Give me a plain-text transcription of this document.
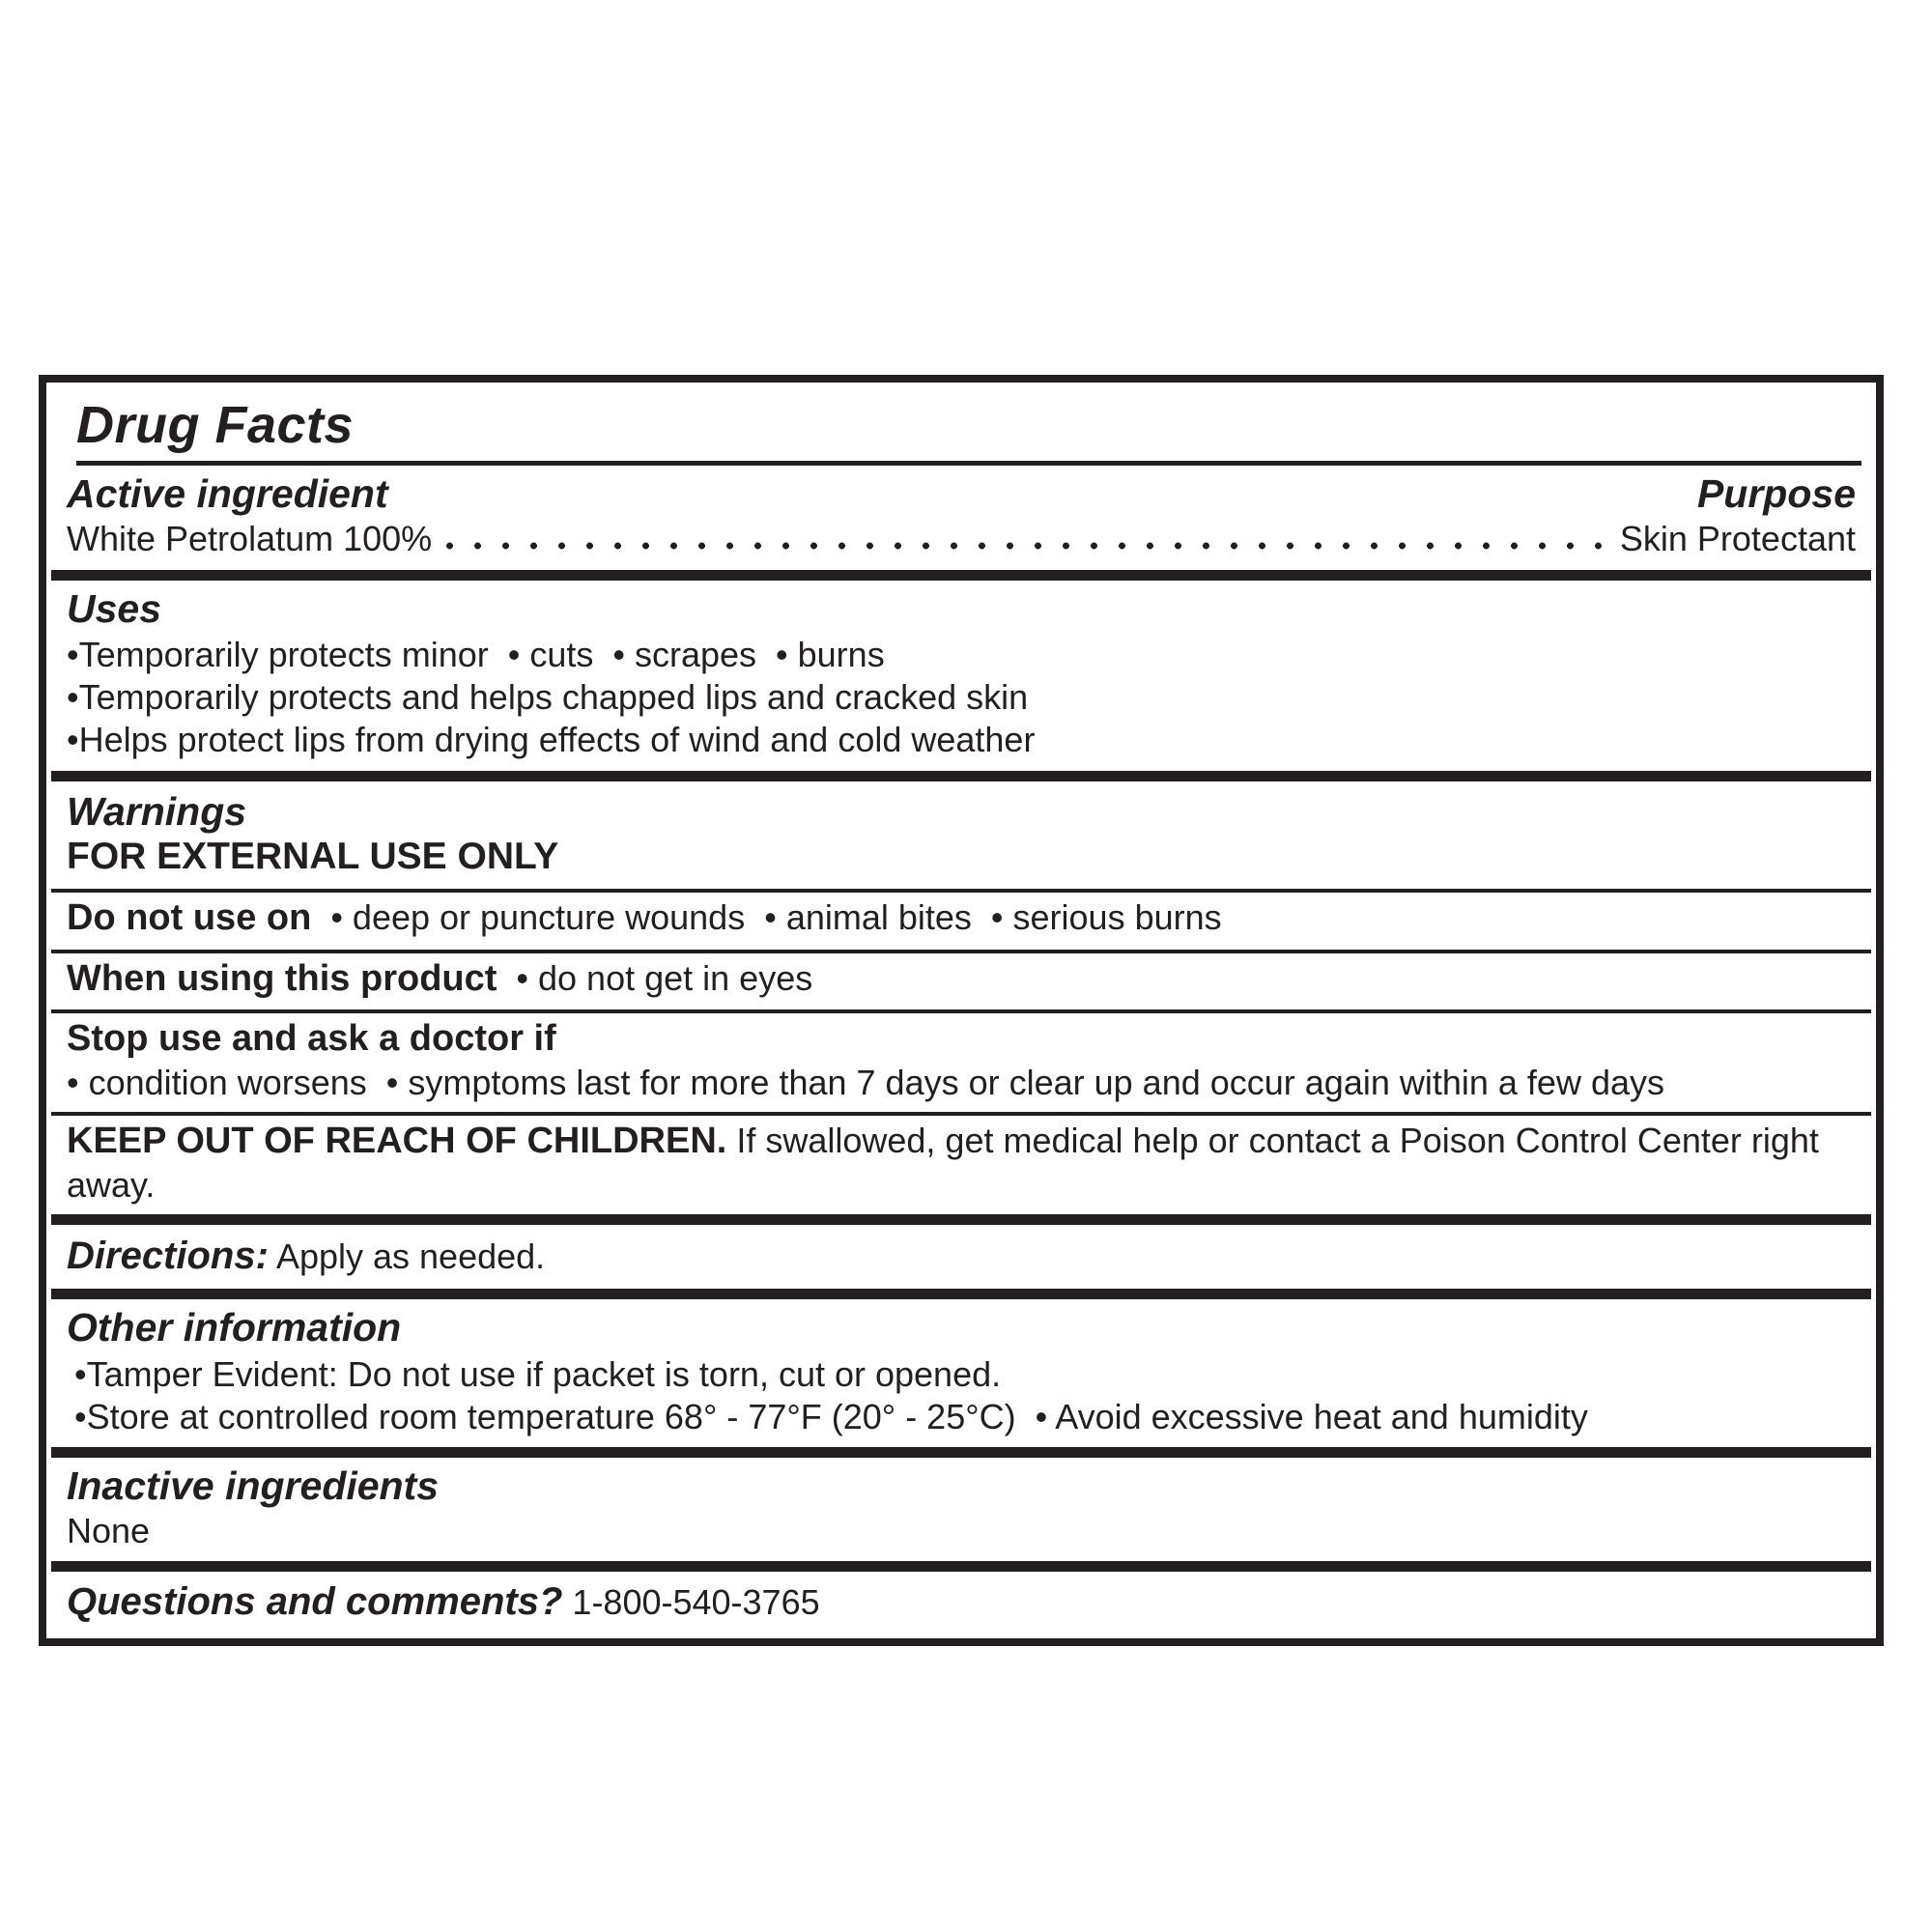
Drug Facts
Active ingredient	Purpose
White Petrolatum 100%	Skin Protectant
Uses
• Temporarily protects minor  • cuts  • scrapes  • burns
• Temporarily protects and helps chapped lips and cracked skin
• Helps protect lips from drying effects of wind and cold weather
Warnings
FOR EXTERNAL USE ONLY
Do not use on  • deep or puncture wounds  • animal bites  • serious burns
When using this product  • do not get in eyes
Stop use and ask a doctor if
• condition worsens  • symptoms last for more than 7 days or clear up and occur again within a few days
KEEP OUT OF REACH OF CHILDREN. If swallowed, get medical help or contact a Poison Control Center right away.
Directions: Apply as needed.
Other information
• Tamper Evident: Do not use if packet is torn, cut or opened.
• Store at controlled room temperature 68° - 77°F (20° - 25°C)  • Avoid excessive heat and humidity
Inactive ingredients
None
Questions and comments? 1-800-540-3765
